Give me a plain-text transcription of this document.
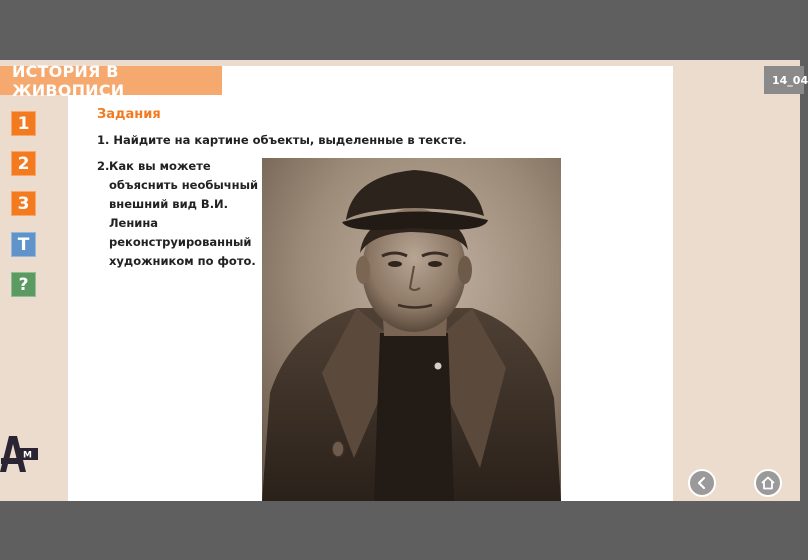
ИСТОРИЯ В ЖИВОПИСИ
14_04
1
2
3
Т
?
M
Задания
1. Найдите на картине объекты, выделенные в тексте.
2. Как вы можете объяснить необычный внешний вид В.И. Ленина реконструированный художником по фото.
